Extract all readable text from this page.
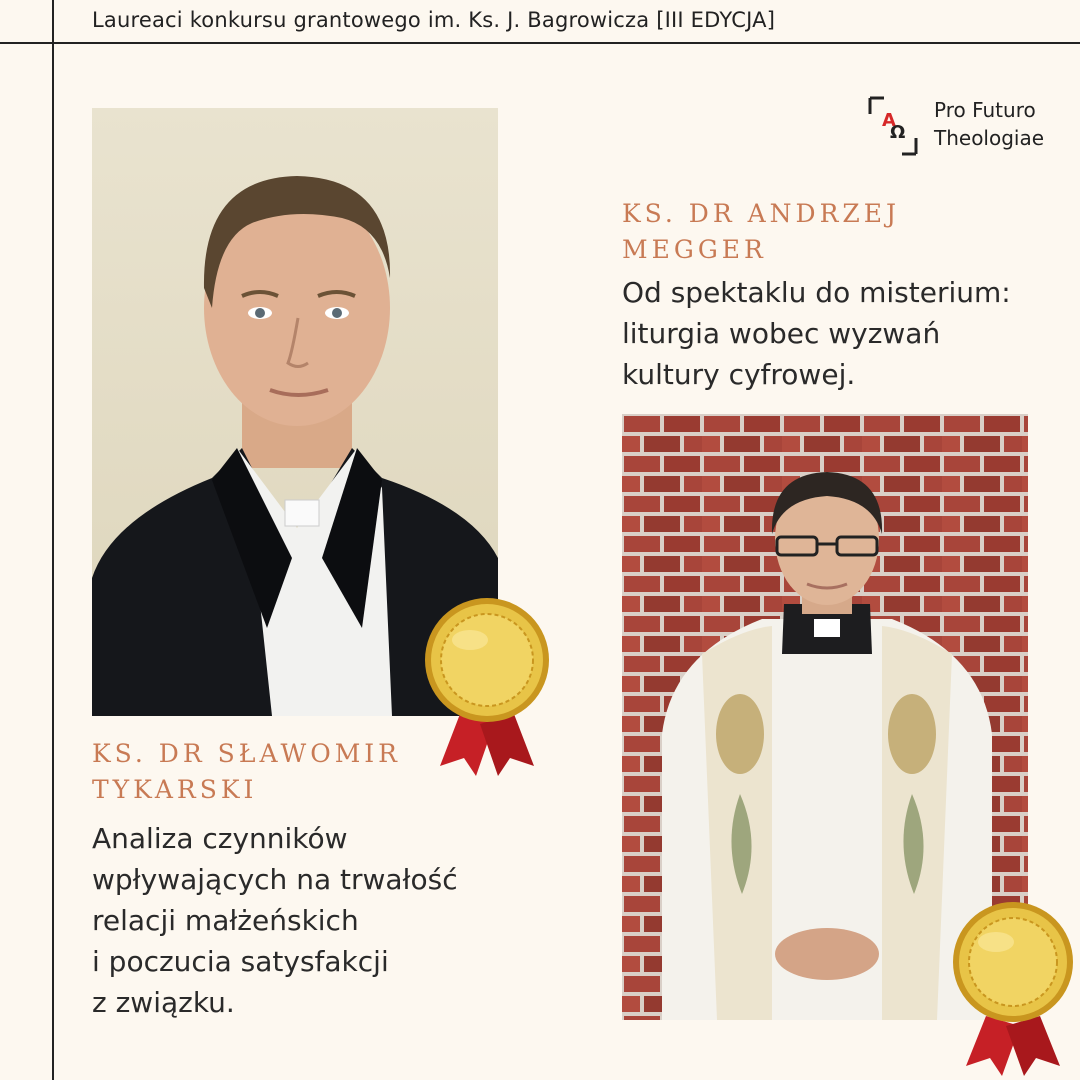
Laureaci konkursu grantowego im. Ks. J. Bagrowicza [III EDYCJA]
A
Ω
Pro Futuro
Theologiae
KS. DR SŁAWOMIR
TYKARSKI
Analiza czynników
wpływających na trwałość
relacji małżeńskich
i poczucia satysfakcji
z związku.
KS. DR ANDRZEJ
MEGGER
Od spektaklu do misterium:
liturgia wobec wyzwań
kultury cyfrowej.
